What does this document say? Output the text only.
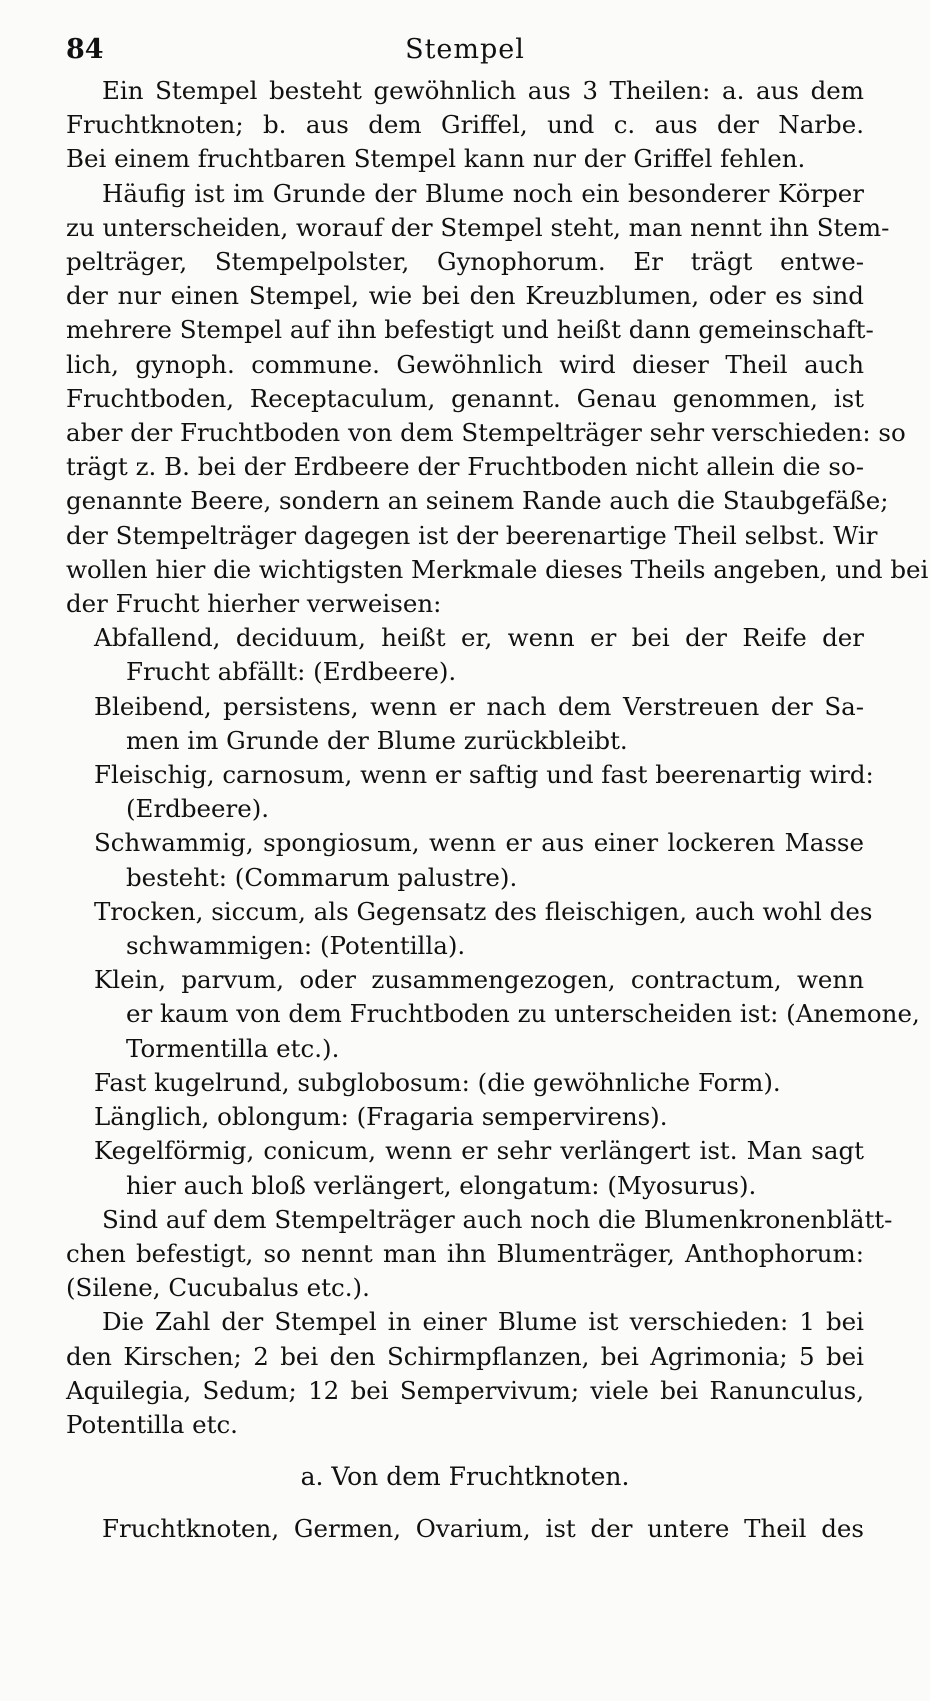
84	Stempel
Ein Stempel besteht gewöhnlich aus 3 Theilen: a. aus dem
Fruchtknoten; b. aus dem Griffel, und c. aus der Narbe.
Bei einem fruchtbaren Stempel kann nur der Griffel fehlen.
Häufig ist im Grunde der Blume noch ein besonderer Körper
zu unterscheiden, worauf der Stempel steht, man nennt ihn Stem-
pelträger, Stempelpolster, Gynophorum. Er trägt entwe-
der nur einen Stempel, wie bei den Kreuzblumen, oder es sind
mehrere Stempel auf ihn befestigt und heißt dann gemeinschaft-
lich, gynoph. commune. Gewöhnlich wird dieser Theil auch
Fruchtboden, Receptaculum, genannt. Genau genommen, ist
aber der Fruchtboden von dem Stempelträger sehr verschieden: so
trägt z. B. bei der Erdbeere der Fruchtboden nicht allein die so-
genannte Beere, sondern an seinem Rande auch die Staubgefäße;
der Stempelträger dagegen ist der beerenartige Theil selbst. Wir
wollen hier die wichtigsten Merkmale dieses Theils angeben, und bei
der Frucht hierher verweisen:
Abfallend, deciduum, heißt er, wenn er bei der Reife der
Frucht abfällt: (Erdbeere).
Bleibend, persistens, wenn er nach dem Verstreuen der Sa-
men im Grunde der Blume zurückbleibt.
Fleischig, carnosum, wenn er saftig und fast beerenartig wird:
(Erdbeere).
Schwammig, spongiosum, wenn er aus einer lockeren Masse
besteht: (Commarum palustre).
Trocken, siccum, als Gegensatz des fleischigen, auch wohl des
schwammigen: (Potentilla).
Klein, parvum, oder zusammengezogen, contractum, wenn
er kaum von dem Fruchtboden zu unterscheiden ist: (Anemone,
Tormentilla etc.).
Fast kugelrund, subglobosum: (die gewöhnliche Form).
Länglich, oblongum: (Fragaria sempervirens).
Kegelförmig, conicum, wenn er sehr verlängert ist. Man sagt
hier auch bloß verlängert, elongatum: (Myosurus).
Sind auf dem Stempelträger auch noch die Blumenkronenblätt-
chen befestigt, so nennt man ihn Blumenträger, Anthophorum:
(Silene, Cucubalus etc.).
Die Zahl der Stempel in einer Blume ist verschieden: 1 bei
den Kirschen; 2 bei den Schirmpflanzen, bei Agrimonia; 5 bei
Aquilegia, Sedum; 12 bei Sempervivum; viele bei Ranunculus,
Potentilla etc.
a. Von dem Fruchtknoten.
Fruchtknoten, Germen, Ovarium, ist der untere Theil des
